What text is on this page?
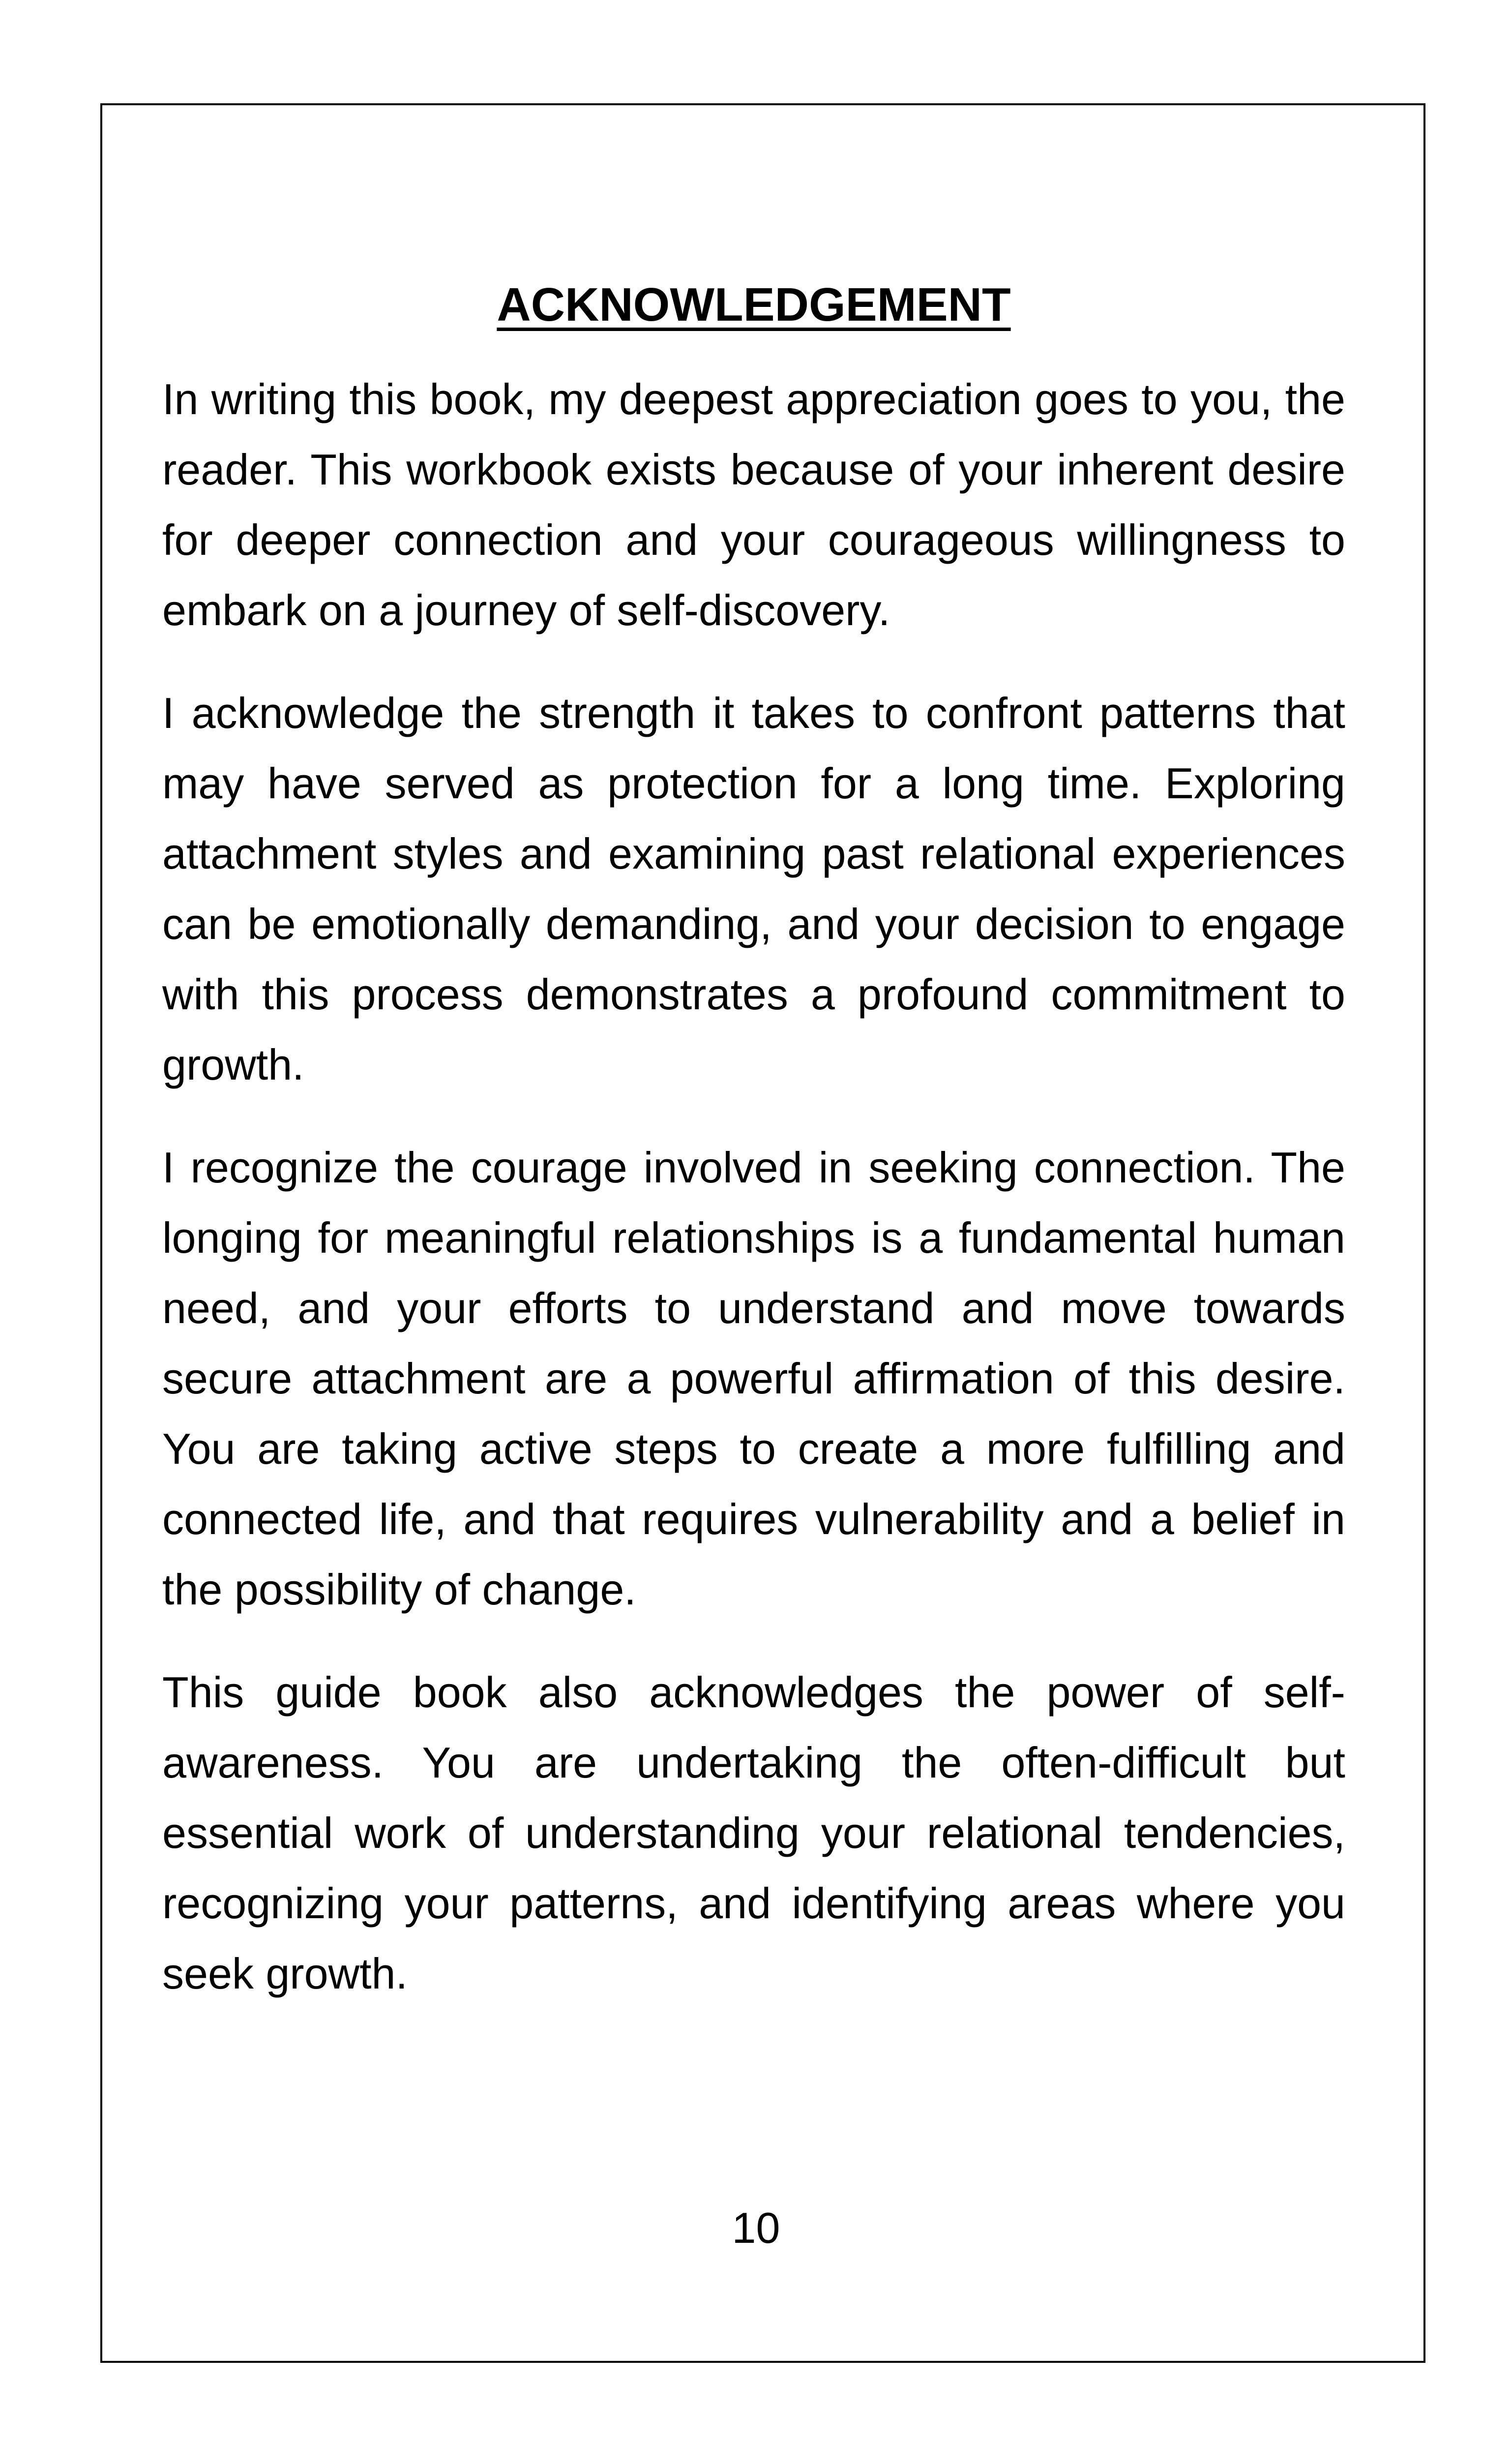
ACKNOWLEDGEMENT

In writing this book, my deepest appreciation goes to you, the reader. This workbook exists because of your inherent desire for deeper connection and your courageous willingness to embark on a journey of self-discovery.

I acknowledge the strength it takes to confront patterns that may have served as protection for a long time. Exploring attachment styles and examining past relational experiences can be emotionally demanding, and your decision to engage with this process demonstrates a profound commitment to growth.

I recognize the courage involved in seeking connection. The longing for meaningful relationships is a fundamental human need, and your efforts to understand and move towards secure attachment are a powerful affirmation of this desire. You are taking active steps to create a more fulfilling and connected life, and that requires vulnerability and a belief in the possibility of change.

This guide book also acknowledges the power of self-awareness. You are undertaking the often-difficult but essential work of understanding your relational tendencies, recognizing your patterns, and identifying areas where you seek growth.

10
